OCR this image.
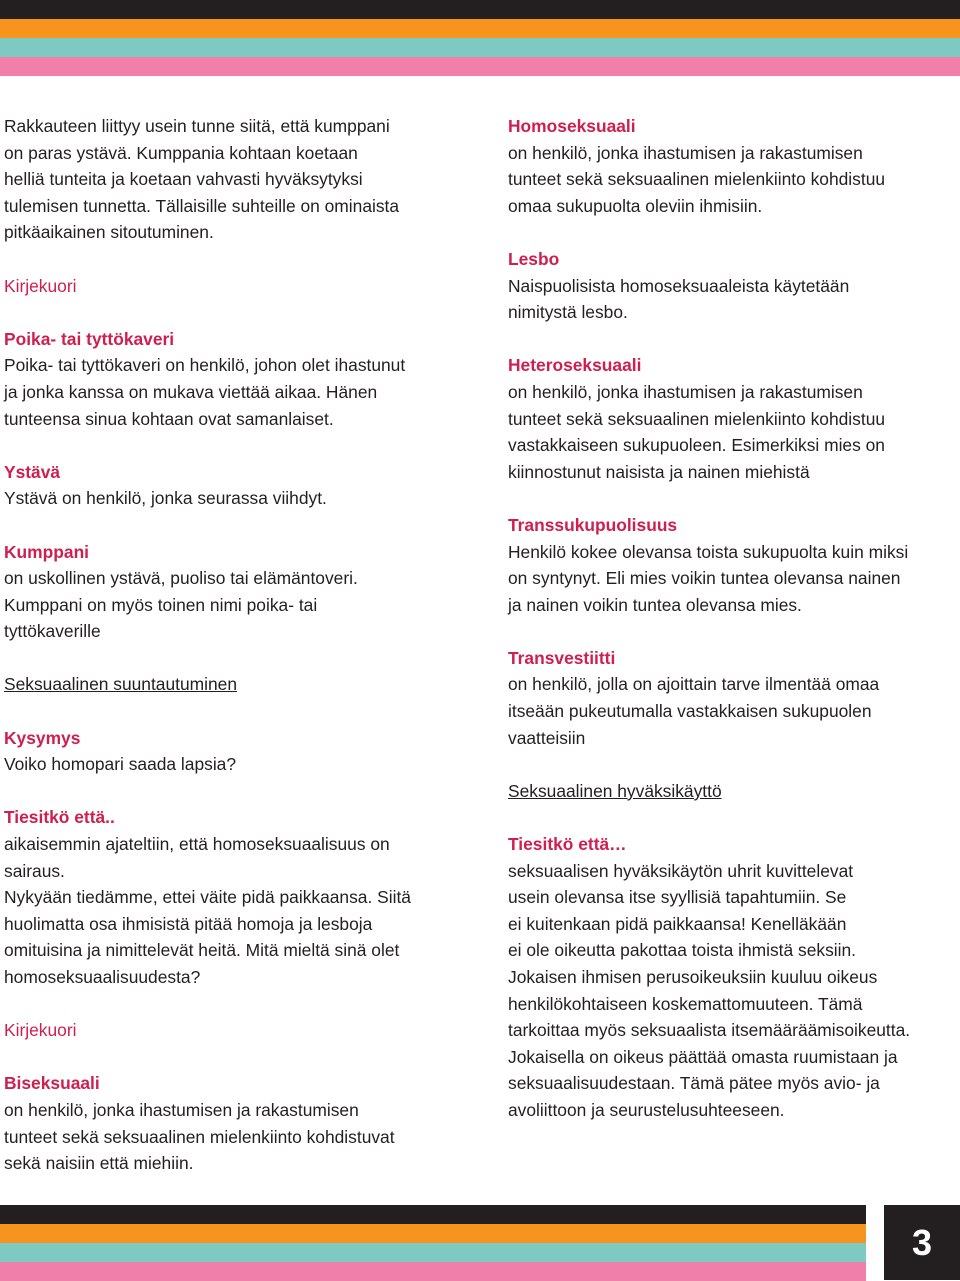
Rakkauteen liittyy usein tunne siitä, että kumppani
on paras ystävä. Kumppania kohtaan koetaan
helliä tunteita ja koetaan vahvasti hyväksytyksi
tulemisen tunnetta. Tällaisille suhteille on ominaista
pitkäaikainen sitoutuminen.

Kirjekuori

Poika- tai tyttökaveri
Poika- tai tyttökaveri on henkilö, johon olet ihastunut
ja jonka kanssa on mukava viettää aikaa. Hänen
tunteensa sinua kohtaan ovat samanlaiset.

Ystävä
Ystävä on henkilö, jonka seurassa viihdyt.

Kumppani
on uskollinen ystävä, puoliso tai elämäntoveri.
Kumppani on myös toinen nimi poika- tai
tyttökaverille

Seksuaalinen suuntautuminen

Kysymys
Voiko homopari saada lapsia?

Tiesitkö että..
aikaisemmin ajateltiin, että homoseksuaalisuus on
sairaus.
Nykyään tiedämme, ettei väite pidä paikkaansa. Siitä
huolimatta osa ihmisistä pitää homoja ja lesboja
omituisina ja nimittelevät heitä. Mitä mieltä sinä olet
homoseksuaalisuudesta?

Kirjekuori

Biseksuaali
on henkilö, jonka ihastumisen ja rakastumisen
tunteet sekä seksuaalinen mielenkiinto kohdistuvat
sekä naisiin että miehiin.

Homoseksuaali
on henkilö, jonka ihastumisen ja rakastumisen
tunteet sekä seksuaalinen mielenkiinto kohdistuu
omaa sukupuolta oleviin ihmisiin.

Lesbo
Naispuolisista homoseksuaaleista käytetään
nimitystä lesbo.

Heteroseksuaali
on henkilö, jonka ihastumisen ja rakastumisen
tunteet sekä seksuaalinen mielenkiinto kohdistuu
vastakkaiseen sukupuoleen. Esimerkiksi mies on
kiinnostunut naisista ja nainen miehistä

Transsukupuolisuus
Henkilö kokee olevansa toista sukupuolta kuin miksi
on syntynyt. Eli mies voikin tuntea olevansa nainen
ja nainen voikin tuntea olevansa mies.

Transvestiitti
on henkilö, jolla on ajoittain tarve ilmentää omaa
itseään pukeutumalla vastakkaisen sukupuolen
vaatteisiin

Seksuaalinen hyväksikäyttö

Tiesitkö että…
seksuaalisen hyväksikäytön uhrit kuvittelevat
usein olevansa itse syyllisiä tapahtumiin. Se
ei kuitenkaan pidä paikkaansa! Kenelläkään
ei ole oikeutta pakottaa toista ihmistä seksiin.
Jokaisen ihmisen perusoikeuksiin kuuluu oikeus
henkilökohtaiseen koskemattomuuteen. Tämä
tarkoittaa myös seksuaalista itsemääräämisoikeutta.
Jokaisella on oikeus päättää omasta ruumistaan ja
seksuaalisuudestaan. Tämä pätee myös avio- ja
avoliittoon ja seurustelusuhteeseen.

3
